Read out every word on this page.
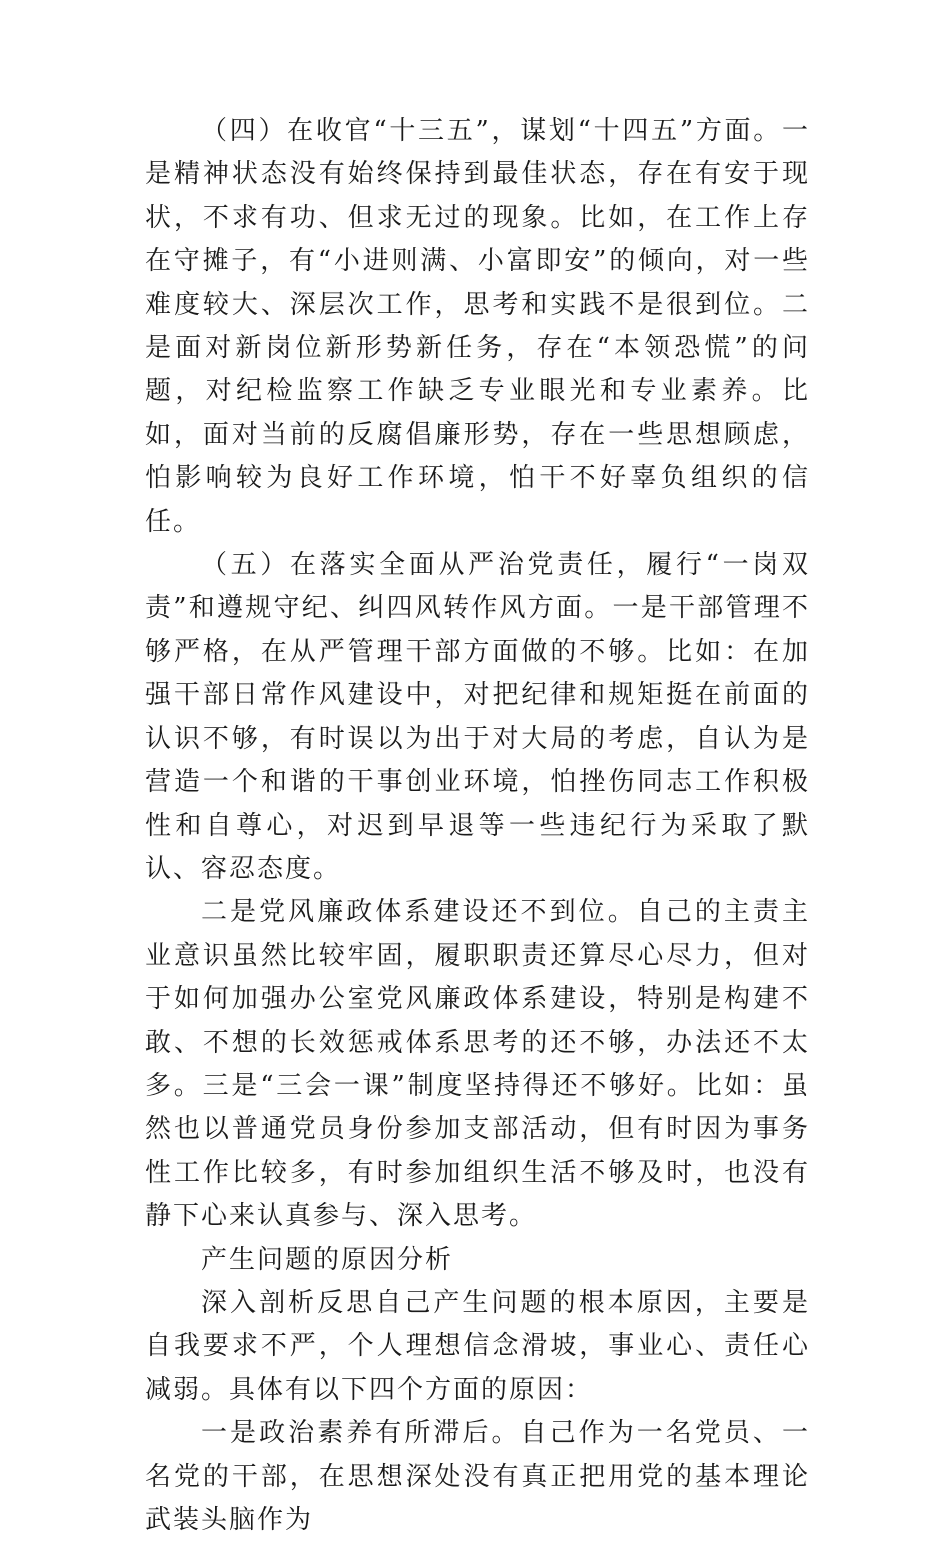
（四）在收官“十三五”，谋划“十四五”方面。一是精神状态没有始终保持到最佳状态，存在有安于现状，不求有功、但求无过的现象。比如，在工作上存在守摊子，有“小进则满、小富即安”的倾向，对一些难度较大、深层次工作，思考和实践不是很到位。二是面对新岗位新形势新任务，存在“本领恐慌”的问题，对纪检监察工作缺乏专业眼光和专业素养。比如，面对当前的反腐倡廉形势，存在一些思想顾虑，怕影响较为良好工作环境，怕干不好辜负组织的信任。

（五）在落实全面从严治党责任，履行“一岗双责”和遵规守纪、纠四风转作风方面。一是干部管理不够严格，在从严管理干部方面做的不够。比如：在加强干部日常作风建设中，对把纪律和规矩挺在前面的认识不够，有时误以为出于对大局的考虑，自认为是营造一个和谐的干事创业环境，怕挫伤同志工作积极性和自尊心，对迟到早退等一些违纪行为采取了默认、容忍态度。

二是党风廉政体系建设还不到位。自己的主责主业意识虽然比较牢固，履职职责还算尽心尽力，但对于如何加强办公室党风廉政体系建设，特别是构建不敢、不想的长效惩戒体系思考的还不够，办法还不太多。三是“三会一课”制度坚持得还不够好。比如：虽然也以普通党员身份参加支部活动，但有时因为事务性工作比较多，有时参加组织生活不够及时，也没有静下心来认真参与、深入思考。

产生问题的原因分析

深入剖析反思自己产生问题的根本原因，主要是自我要求不严，个人理想信念滑坡，事业心、责任心减弱。具体有以下四个方面的原因：

一是政治素养有所滞后。自己作为一名党员、一名党的干部，在思想深处没有真正把用党的基本理论武装头脑作为
